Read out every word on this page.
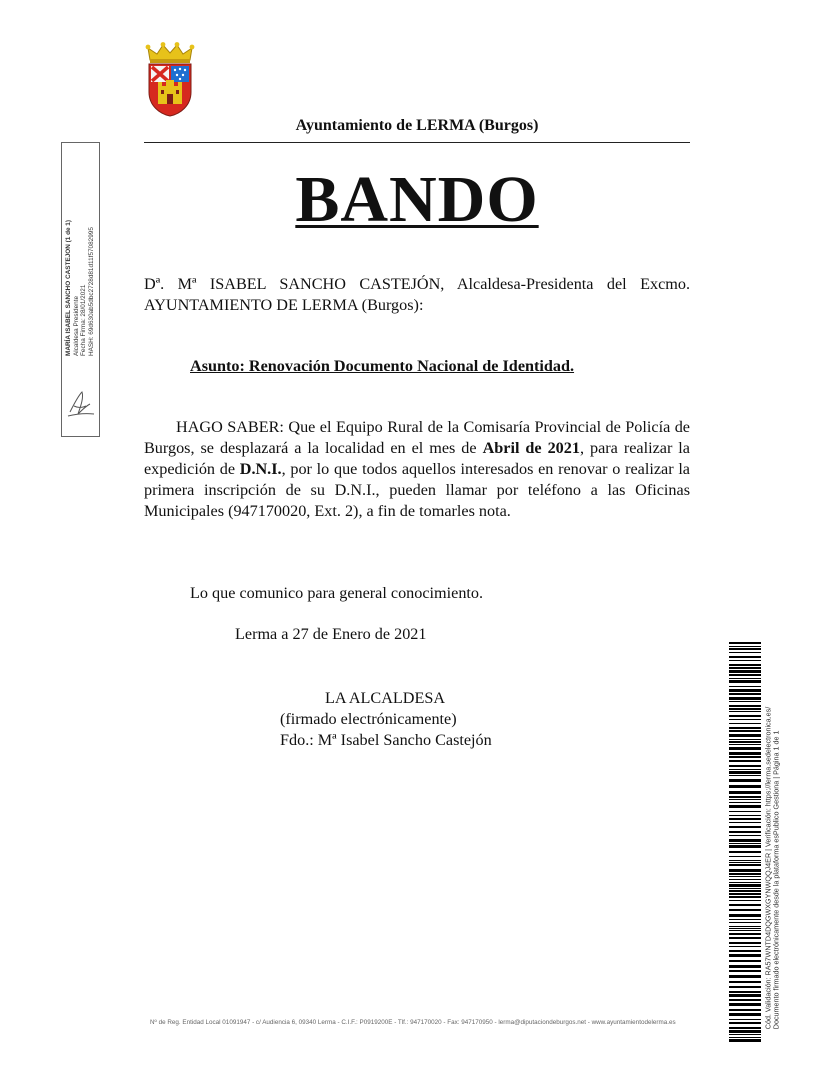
Ayuntamiento de LERMA (Burgos)
BANDO
Dª. Mª ISABEL SANCHO CASTEJÓN, Alcaldesa-Presidenta del Excmo. AYUNTAMIENTO DE LERMA (Burgos):
Asunto: Renovación Documento Nacional de Identidad.
HAGO SABER: Que el Equipo Rural de la Comisaría Provincial de Policía de Burgos, se desplazará a la localidad en el mes de Abril de 2021, para realizar la expedición de D.N.I., por lo que todos aquellos interesados en renovar o realizar la primera inscripción de su D.N.I., pueden llamar por teléfono a las Oficinas Municipales (947170020, Ext. 2), a fin de tomarles nota.
Lo que comunico para general conocimiento.
Lerma a 27 de Enero de 2021
LA ALCALDESA
(firmado electrónicamente)
Fdo.: Mª Isabel Sancho Castejón
Nº de Reg. Entidad Local 01091947 - c/ Audiencia 6, 09340 Lerma - C.I.F.: P0919200E - Tlf.: 947170020 - Fax: 947170950 - lerma@diputaciondeburgos.net - www.ayuntamientodelerma.es
MARÍA ISABEL SANCHO CASTEJON (1 de 1) Alcaldesa Presidente Fecha Firma: 28/01/2021 HASH: 69d630ab5dbc2728d81d11f57082995
Cód. Validación: RA57WNTD4DQGWXGYNWQQJ4ER | Verificación: https://lerma.sedelectronica.es/ Documento firmado electrónicamente desde la plataforma esPublico Gestiona | Página 1 de 1
